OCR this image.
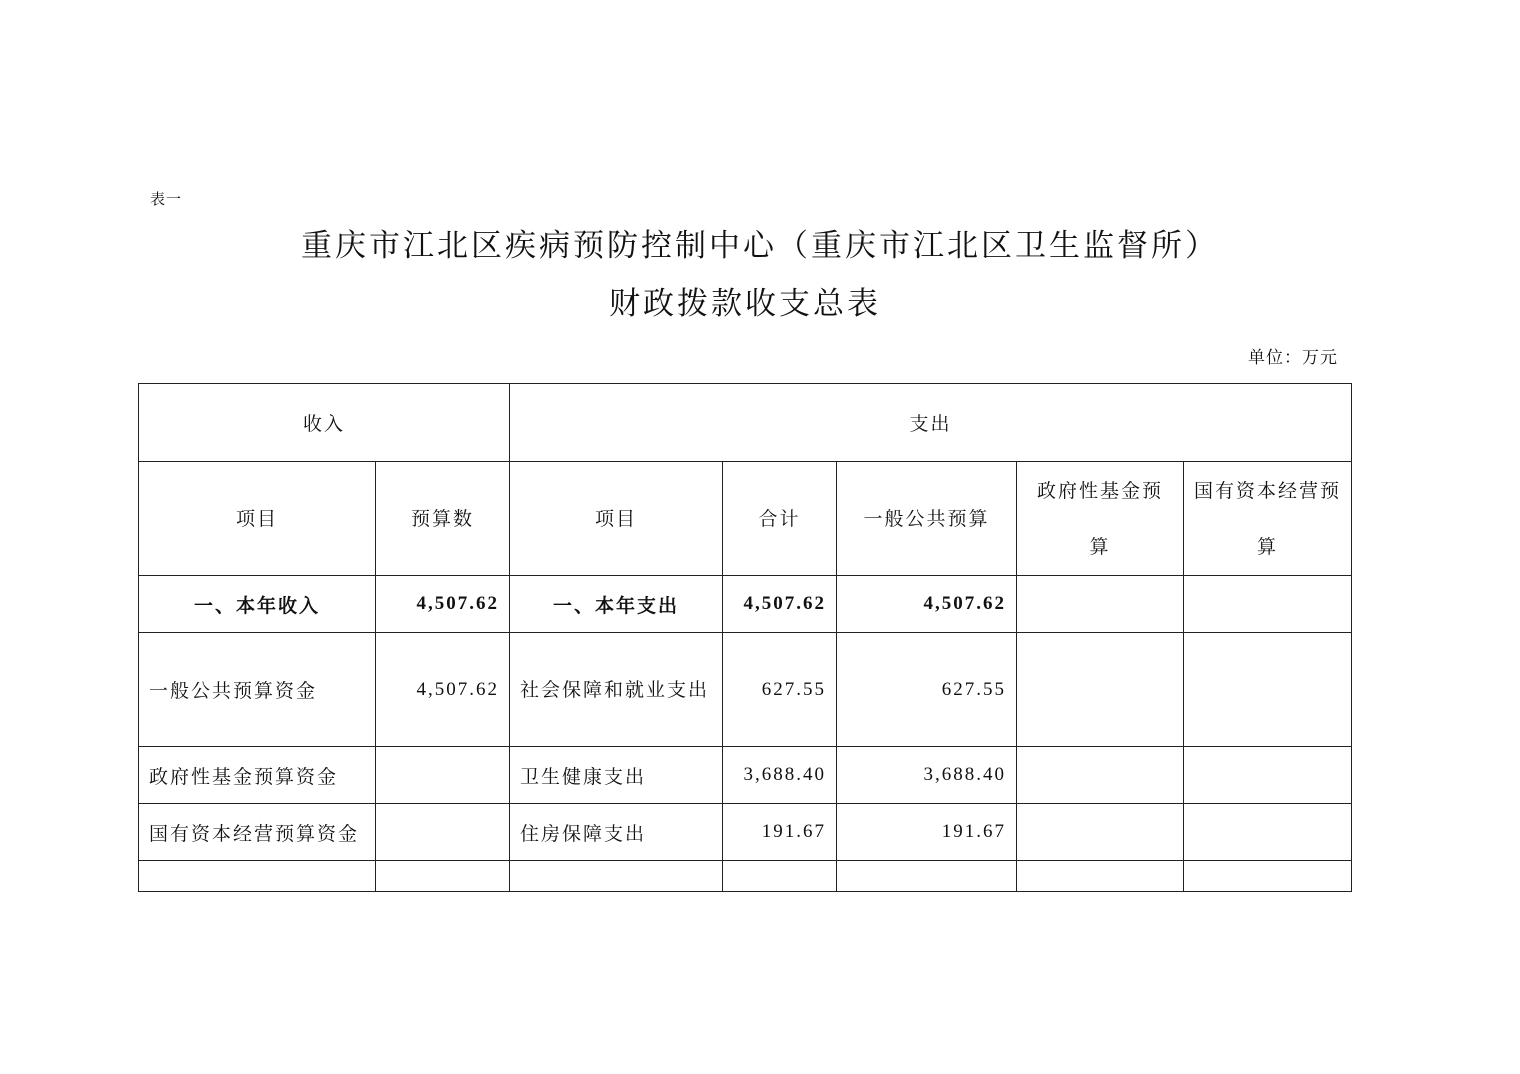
表一
重庆市江北区疾病预防控制中心（重庆市江北区卫生监督所）
财政拨款收支总表
单位：万元
收入		支出				
项目	预算数	项目	合计	一般公共预算	政府性基金预算	国有资本经营预算
一、本年收入	4,507.62	一、本年支出	4,507.62	4,507.62		
一般公共预算资金	4,507.62	社会保障和就业支出	627.55	627.55		
政府性基金预算资金		卫生健康支出	3,688.40	3,688.40		
国有资本经营预算资金		住房保障支出	191.67	191.67		
